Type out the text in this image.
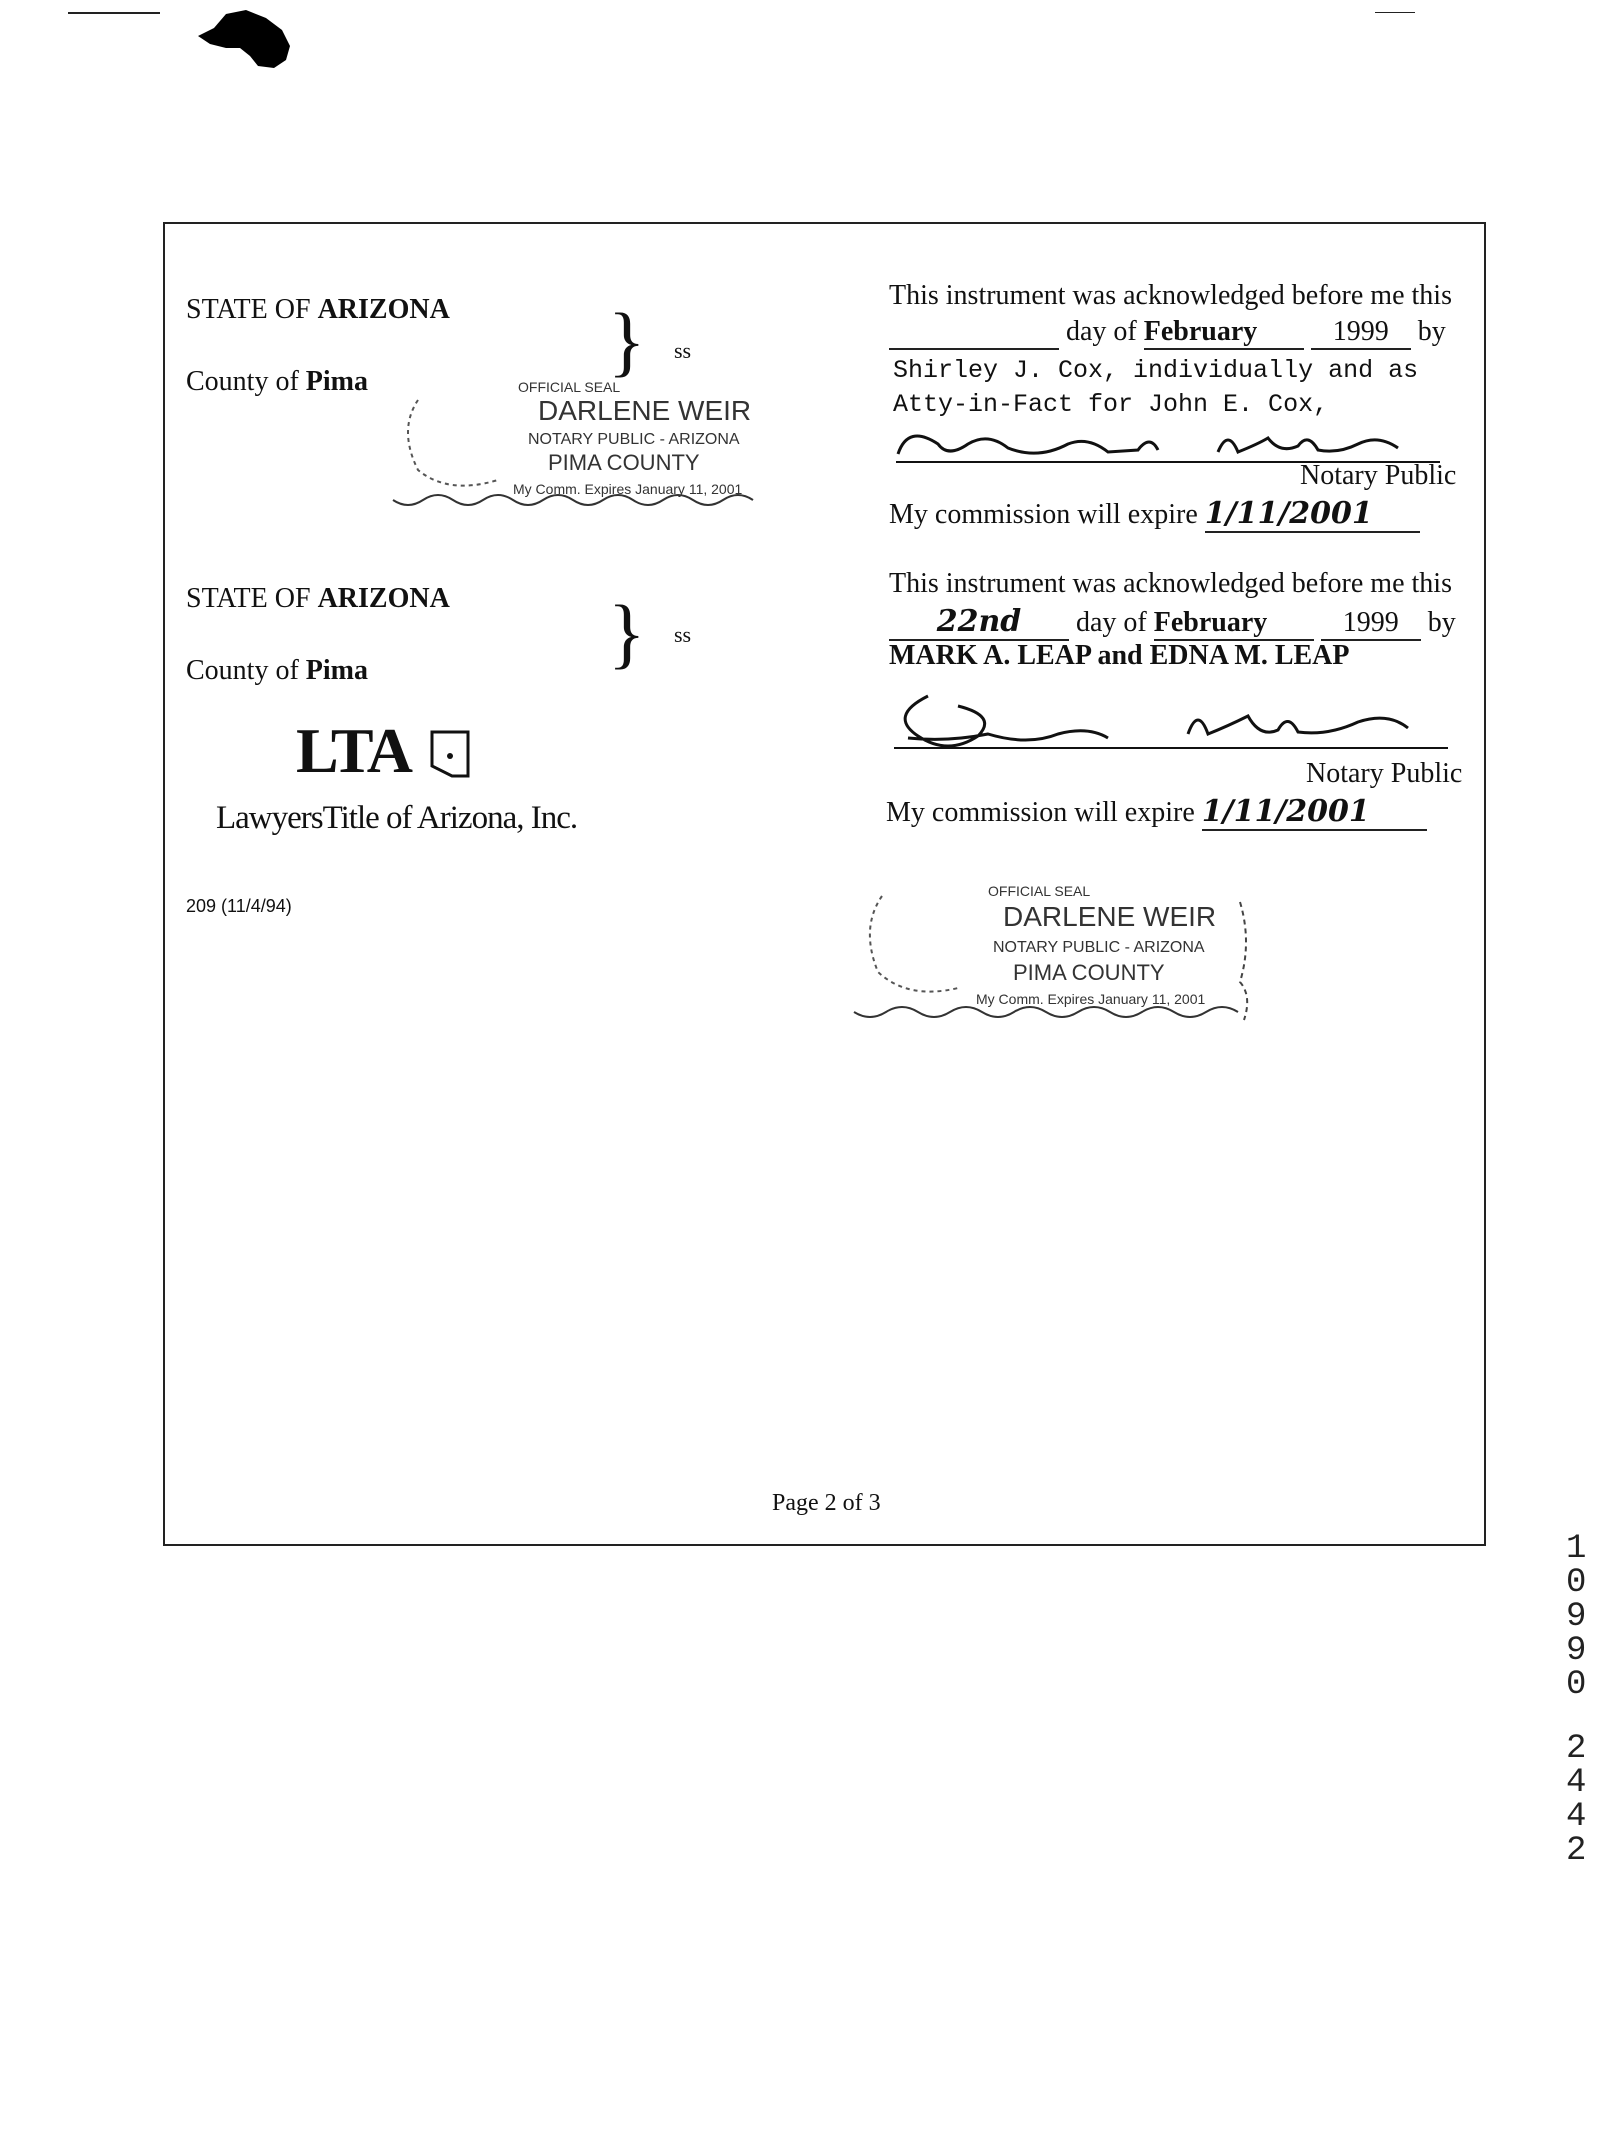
STATE OF ARIZONA
County of Pima	} ss
OFFICIAL SEAL
DARLENE WEIR
NOTARY PUBLIC - ARIZONA
PIMA COUNTY
My Comm. Expires January 11, 2001
This instrument was acknowledged before me this
day of February	1999 by
Shirley J. Cox, individually and as
Atty-in-Fact for John E. Cox,
Notary Public
My commission will expire 1/11/2001
STATE OF ARIZONA
County of Pima	} ss
LTA
LawyersTitle of Arizona, Inc.
209 (11/4/94)
This instrument was acknowledged before me this
22nd day of February	1999 by
MARK A. LEAP and EDNA M. LEAP
Notary Public
My commission will expire 1/11/2001
OFFICIAL SEAL
DARLENE WEIR
NOTARY PUBLIC - ARIZONA
PIMA COUNTY
My Comm. Expires January 11, 2001
Page 2 of 3
1
0
9
9
0
2
4
4
2
